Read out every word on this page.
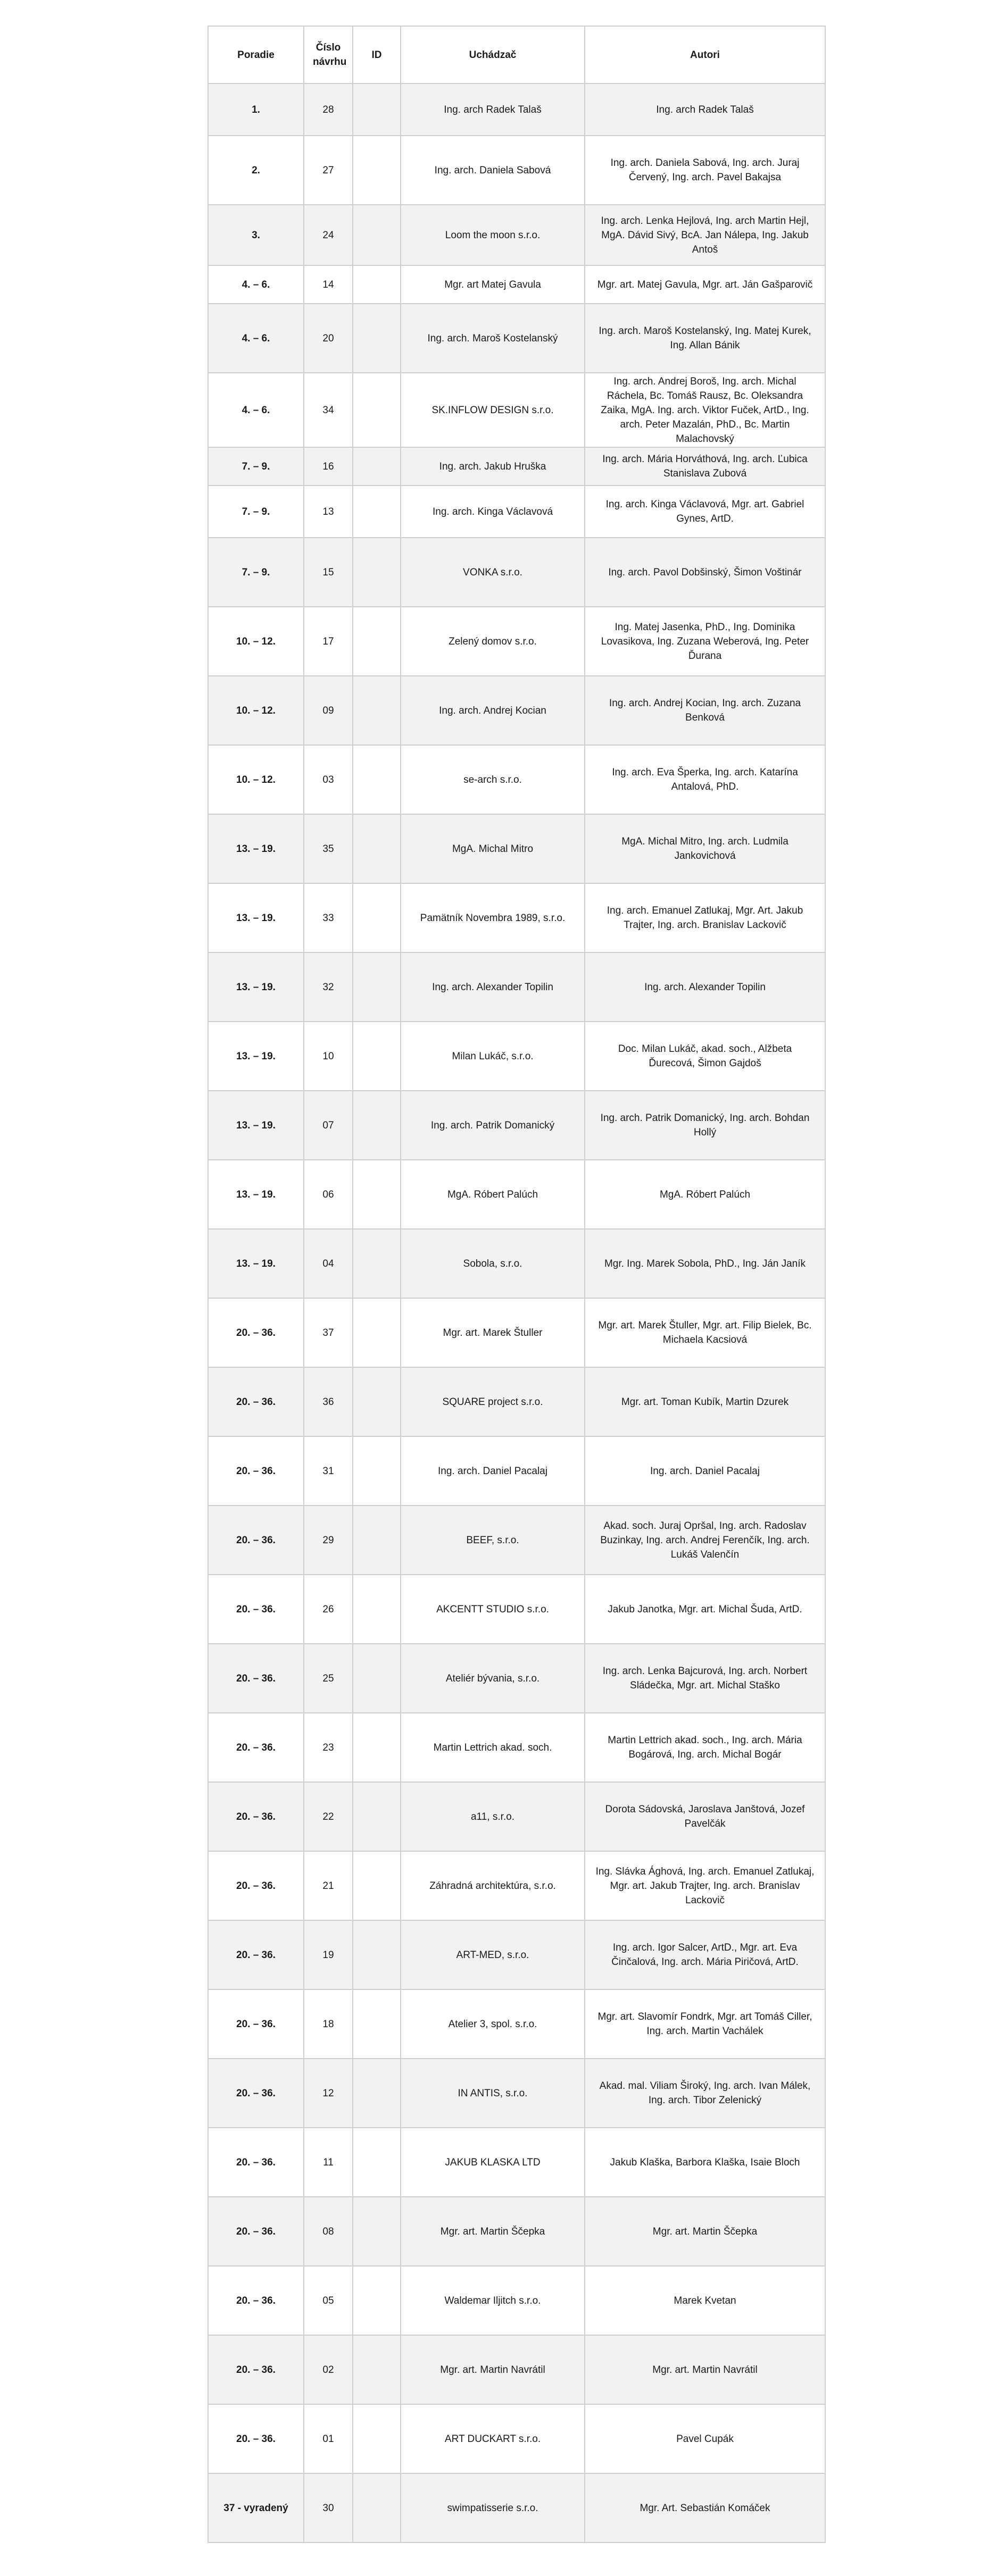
Poradie	Číslo návrhu	ID	Uchádzač	Autori
1.	28		Ing. arch Radek Talaš	Ing. arch Radek Talaš
2.	27		Ing. arch. Daniela Sabová	Ing. arch. Daniela Sabová, Ing. arch. Juraj Červený, Ing. arch. Pavel Bakajsa
3.	24		Loom the moon s.r.o.	Ing. arch. Lenka Hejlová, Ing. arch Martin Hejl, MgA. Dávid Sivý, BcA. Jan Nálepa, Ing. Jakub Antoš
4. – 6.	14		Mgr. art Matej Gavula	Mgr. art. Matej Gavula, Mgr. art. Ján Gašparovič
4. – 6.	20		Ing. arch. Maroš Kostelanský	Ing. arch. Maroš Kostelanský, Ing. Matej Kurek, Ing. Allan Bánik
4. – 6.	34		SK.INFLOW DESIGN s.r.o.	Ing. arch. Andrej Boroš, Ing. arch. Michal Ráchela, Bc. Tomáš Rausz, Bc. Oleksandra Zaika, MgA. Ing. arch. Viktor Fuček, ArtD., Ing. arch. Peter Mazalán, PhD., Bc. Martin Malachovský
7. – 9.	16		Ing. arch. Jakub Hruška	Ing. arch. Mária Horváthová, Ing. arch. Ľubica Stanislava Zubová
7. – 9.	13		Ing. arch. Kinga Václavová	Ing. arch. Kinga Václavová, Mgr. art. Gabriel Gynes, ArtD.
7. – 9.	15		VONKA s.r.o.	Ing. arch. Pavol Dobšinský, Šimon Voštinár
10. – 12.	17		Zelený domov s.r.o.	Ing. Matej Jasenka, PhD., Ing. Dominika Lovasikova, Ing. Zuzana Weberová, Ing. Peter Ďurana
10. – 12.	09		Ing. arch. Andrej Kocian	Ing. arch. Andrej Kocian, Ing. arch. Zuzana Benková
10. – 12.	03		se-arch s.r.o.	Ing. arch. Eva Šperka, Ing. arch. Katarína Antalová, PhD.
13. – 19.	35		MgA. Michal Mitro	MgA. Michal Mitro, Ing. arch. Ludmila Jankovichová
13. – 19.	33		Pamätník Novembra 1989, s.r.o.	Ing. arch. Emanuel Zatlukaj, Mgr. Art. Jakub Trajter, Ing. arch. Branislav Lackovič
13. – 19.	32		Ing. arch. Alexander Topilin	Ing. arch. Alexander Topilin
13. – 19.	10		Milan Lukáč, s.r.o.	Doc. Milan Lukáč, akad. soch., Alžbeta Ďurecová, Šimon Gajdoš
13. – 19.	07		Ing. arch. Patrik Domanický	Ing. arch. Patrik Domanický, Ing. arch. Bohdan Hollý
13. – 19.	06		MgA. Róbert Palúch	MgA. Róbert Palúch
13. – 19.	04		Sobola, s.r.o.	Mgr. Ing. Marek Sobola, PhD., Ing. Ján Janík
20. – 36.	37		Mgr. art. Marek Štuller	Mgr. art. Marek Štuller, Mgr. art. Filip Bielek, Bc. Michaela Kacsiová
20. – 36.	36		SQUARE project s.r.o.	Mgr. art. Toman Kubík, Martin Dzurek
20. – 36.	31		Ing. arch. Daniel Pacalaj	Ing. arch. Daniel Pacalaj
20. – 36.	29		BEEF, s.r.o.	Akad. soch. Juraj Opršal, Ing. arch. Radoslav Buzinkay, Ing. arch. Andrej Ferenčík, Ing. arch. Lukáš Valenčín
20. – 36.	26		AKCENTT STUDIO s.r.o.	Jakub Janotka, Mgr. art. Michal Šuda, ArtD.
20. – 36.	25		Ateliér bývania, s.r.o.	Ing. arch. Lenka Bajcurová, Ing. arch. Norbert Sládečka, Mgr. art. Michal Staško
20. – 36.	23		Martin Lettrich akad. soch.	Martin Lettrich akad. soch., Ing. arch. Mária Bogárová, Ing. arch. Michal Bogár
20. – 36.	22		a11, s.r.o.	Dorota Sádovská, Jaroslava Janštová, Jozef Pavelčák
20. – 36.	21		Záhradná architektúra, s.r.o.	Ing. Slávka Ághová, Ing. arch. Emanuel Zatlukaj, Mgr. art. Jakub Trajter, Ing. arch. Branislav Lackovič
20. – 36.	19		ART-MED, s.r.o.	Ing. arch. Igor Salcer, ArtD., Mgr. art. Eva Činčalová, Ing. arch. Mária Piričová, ArtD.
20. – 36.	18		Atelier 3, spol. s.r.o.	Mgr. art. Slavomír Fondrk, Mgr. art Tomáš Ciller, Ing. arch. Martin Vachálek
20. – 36.	12		IN ANTIS, s.r.o.	Akad. mal. Viliam Široký, Ing. arch. Ivan Málek, Ing. arch. Tibor Zelenický
20. – 36.	11		JAKUB KLASKA LTD	Jakub Klaška, Barbora Klaška, Isaie Bloch
20. – 36.	08		Mgr. art. Martin Ščepka	Mgr. art. Martin Ščepka
20. – 36.	05		Waldemar Iljitch s.r.o.	Marek Kvetan
20. – 36.	02		Mgr. art. Martin Navrátil	Mgr. art. Martin Navrátil
20. – 36.	01		ART DUCKART s.r.o.	Pavel Cupák
37 - vyradený	30		swimpatisserie s.r.o.	Mgr. Art. Sebastián Komáček
